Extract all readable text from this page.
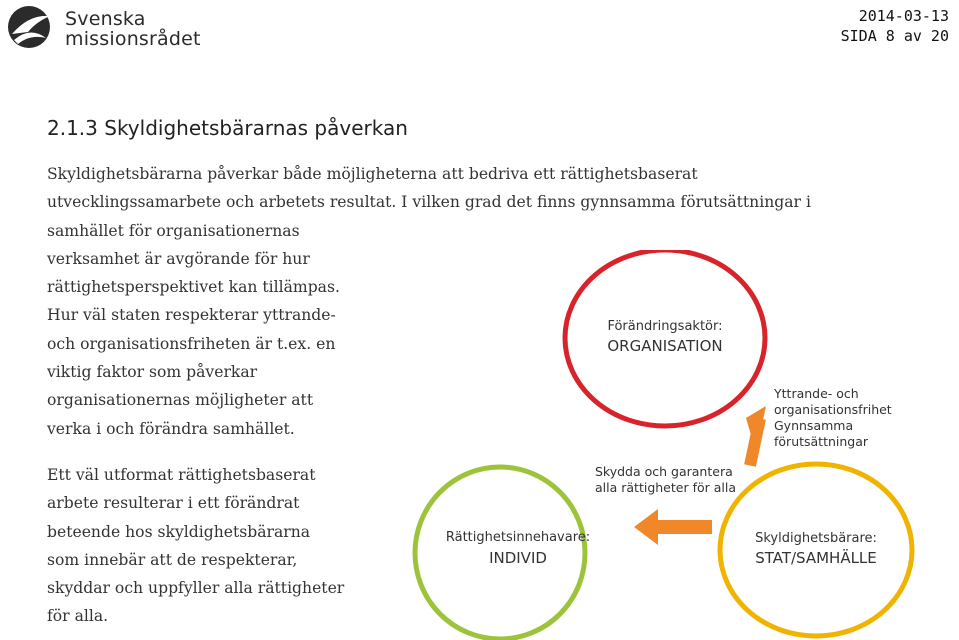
Svenska
missionsrådet
2014-03-13
SIDA 8 av 20
2.1.3 Skyldighetsbärarnas påverkan

Skyldighetsbärarna påverkar både möjligheterna att bedriva ett rättighetsbaserat
utvecklingssamarbete och arbetets resultat. I vilken grad det finns gynnsamma förutsättningar i
samhället för organisationernas
verksamhet är avgörande för hur
rättighetsperspektivet kan tillämpas.
Hur väl staten respekterar yttrande-
och organisationsfriheten är t.ex. en
viktig faktor som påverkar
organisationernas möjligheter att
verka i och förändra samhället.

Ett väl utformat rättighetsbaserat
arbete resulterar i ett förändrat
beteende hos skyldighetsbärarna
som innebär att de respekterar,
skyddar och uppfyller alla rättigheter
för alla.

Förändringsaktör:
ORGANISATION
Rättighetsinnehavare:
INDIVID
Skyldighetsbärare:
STAT/SAMHÄLLE
Yttrande- och organisationsfrihet Gynnsamma förutsättningar
Skydda och garantera alla rättigheter för alla
